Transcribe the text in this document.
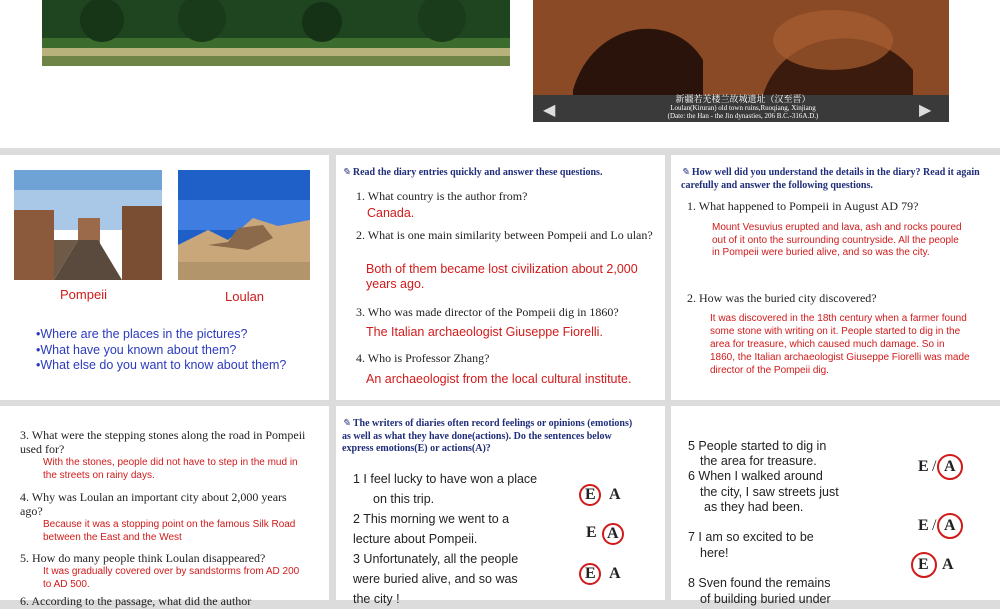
◀	▶
新疆若羌楼兰故城遗址（汉至晋）
Loulan(Kiruran) old town ruins,Ruoqiang, Xinjiang
(Date: the Han - the Jin dynasties, 206 B.C.-316A.D.)
Pompeii	Loulan
•Where are the places in the pictures?
•What have you known about them?
•What else do you want to know about them?
✎ Read the diary entries quickly and answer these questions.
1. What country is the author from?
Canada.
2. What is one main similarity between Pompeii and Lo ulan?
Both of them became lost civilization about 2,000 years ago.
3. Who was made director of the Pompeii dig in 1860?
The Italian archaeologist Giuseppe Fiorelli.
4. Who is Professor Zhang?
An archaeologist from the local cultural institute.
✎ How well did you understand the details in the diary? Read it again carefully and answer the following questions.
1. What happened to Pompeii in August AD 79?
Mount Vesuvius erupted and lava, ash and rocks poured out of it onto the surrounding countryside. All the people in Pompeii were buried alive, and so was the city.
2. How was the buried city discovered?
It was discovered in the 18th century when a farmer found some stone with writing on it. People started to dig in the area for treasure, which caused much damage. So in 1860, the Italian archaeologist Giuseppe Fiorelli was made director of the Pompeii dig.
3. What were the stepping stones along the road in Pompeii used for?
With the stones, people did not have to step in the mud in the streets on rainy days.
4. Why was Loulan an important city about 2,000 years ago?
Because it was a stopping point on the famous Silk Road between the East and the West
5. How do many people think Loulan disappeared?
It was gradually covered over by sandstorms from AD 200 to AD 500.
6. According to the passage, what did the author
✎ The writers of diaries often record feelings or opinions (emotions) as well as what they have done(actions). Do the sentences below express emotions(E) or actions(A)?
1 I feel lucky to have won a place
on this trip.
2 This morning we went to a
lecture about Pompeii.
3 Unfortunately, all the people
were buried alive, and so was
the city !
E A
E A
E A
5 People started to dig in
the area for treasure.
6 When I walked around
the city, I saw streets just
as they had been.
7 I am so excited to be
here!
8 Sven found the remains
of building buried under
E / A
E / A
E A
